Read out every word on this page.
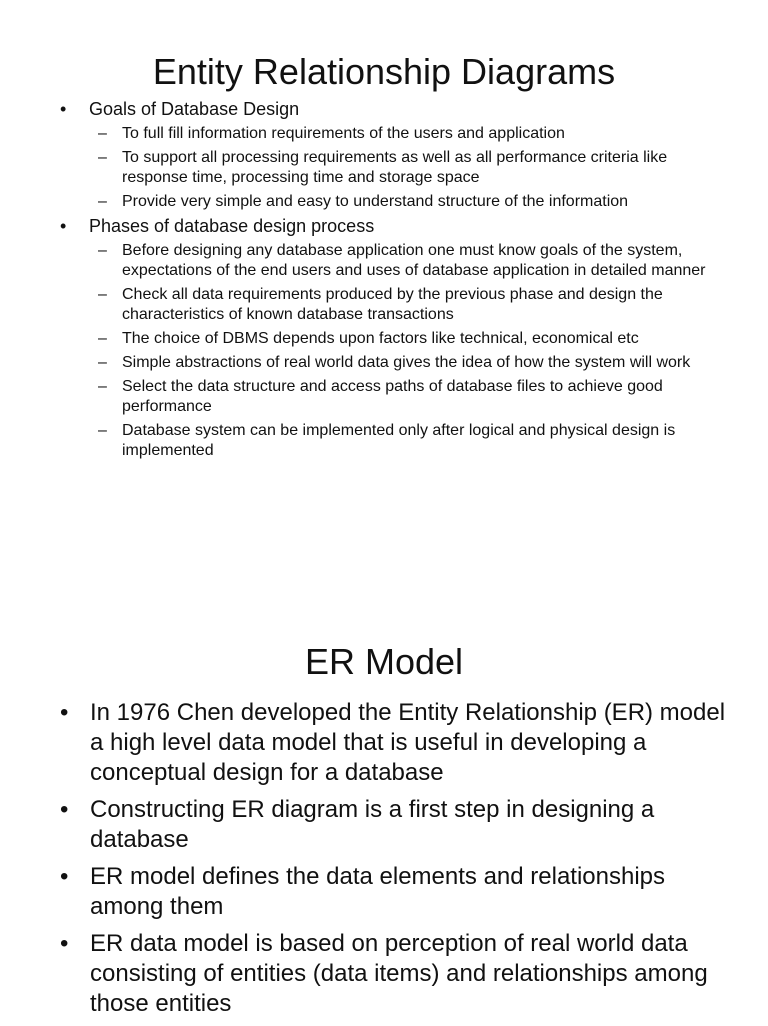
Entity Relationship Diagrams
• Goals of Database Design
– To full fill information requirements of the users and application
– To support all processing requirements as well as all performance criteria like response time, processing time and storage space
– Provide very simple and easy to understand structure of the information
• Phases of database design process
– Before designing any database application one must know goals of the system, expectations of the end users and uses of database application in detailed manner
– Check all data requirements produced by the previous phase and design the characteristics of known database transactions
– The choice of DBMS depends upon factors like technical, economical etc
– Simple abstractions of real world data gives the idea of how the system will work
– Select the data structure and access paths of database files to achieve good performance
– Database system can be implemented only after logical and physical design is implemented
ER Model
• In 1976 Chen developed the Entity Relationship (ER) model a high level data model that is useful in developing a conceptual design for a database
• Constructing ER diagram is a first step in designing a database
• ER model defines the data elements and relationships among them
• ER data model is based on perception of real world data consisting of entities (data items) and relationships among those entities
